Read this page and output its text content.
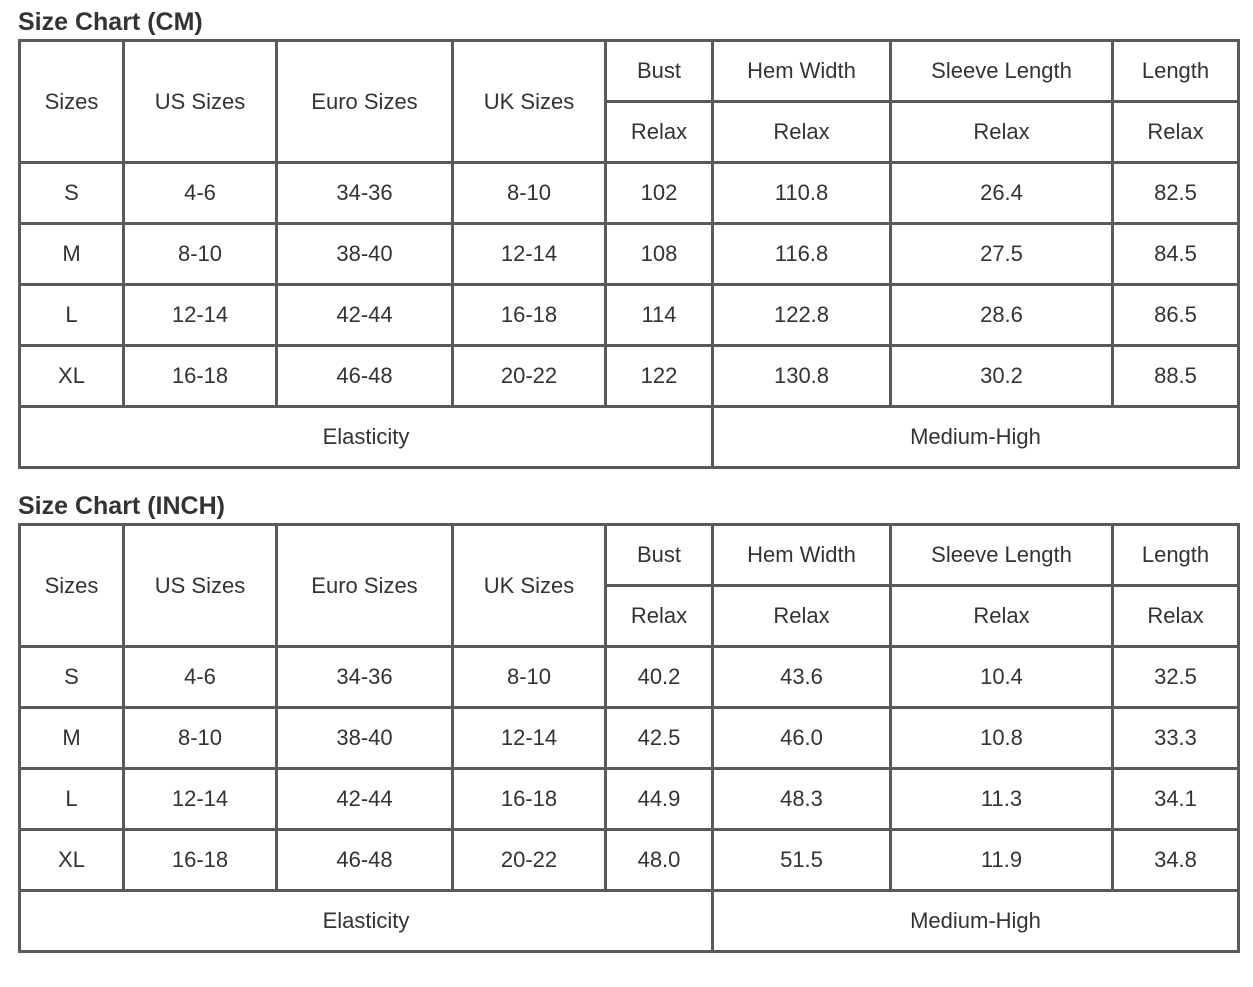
Size Chart (CM)
Sizes	US Sizes	Euro Sizes	UK Sizes	Bust	Hem Width	Sleeve Length	Length
				Relax	Relax	Relax	Relax
S	4-6	34-36	8-10	102	110.8	26.4	82.5
M	8-10	38-40	12-14	108	116.8	27.5	84.5
L	12-14	42-44	16-18	114	122.8	28.6	86.5
XL	16-18	46-48	20-22	122	130.8	30.2	88.5
Elasticity					Medium-High		
Size Chart (INCH)
Sizes	US Sizes	Euro Sizes	UK Sizes	Bust	Hem Width	Sleeve Length	Length
				Relax	Relax	Relax	Relax
S	4-6	34-36	8-10	40.2	43.6	10.4	32.5
M	8-10	38-40	12-14	42.5	46.0	10.8	33.3
L	12-14	42-44	16-18	44.9	48.3	11.3	34.1
XL	16-18	46-48	20-22	48.0	51.5	11.9	34.8
Elasticity					Medium-High		
